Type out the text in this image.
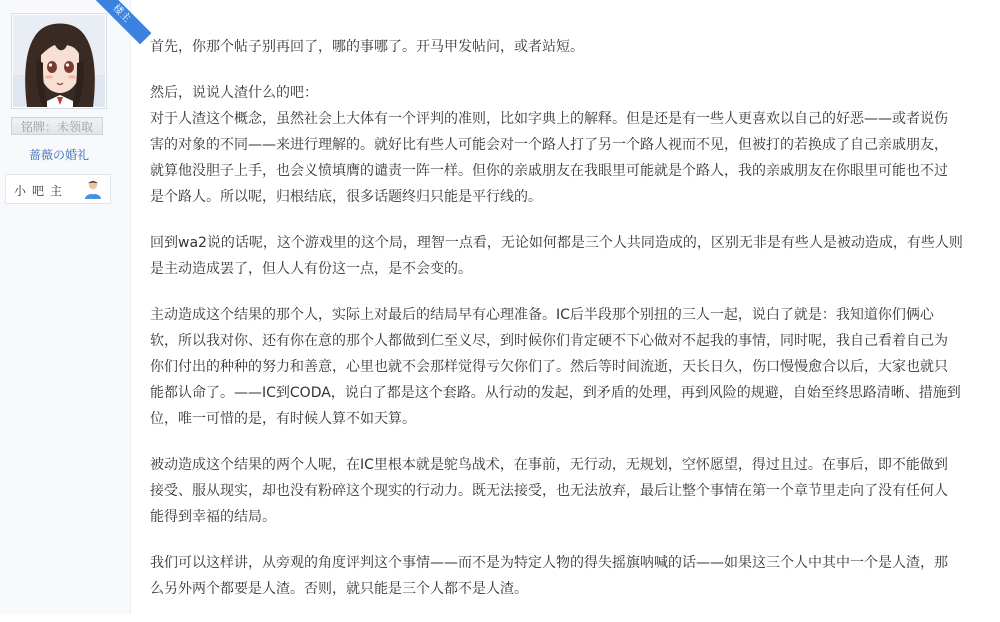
楼主
铭牌：未领取
蔷薇の婚礼
小吧主

首先，你那个帖子别再回了，哪的事哪了。开马甲发帖问，或者站短。

然后，说说人渣什么的吧：
对于人渣这个概念，虽然社会上大体有一个评判的准则，比如字典上的解释。但是还是有一些人更喜欢以自己的好恶——或者说伤
害的对象的不同——来进行理解的。就好比有些人可能会对一个路人打了另一个路人视而不见，但被打的若换成了自己亲戚朋友，
就算他没胆子上手，也会义愤填膺的谴责一阵一样。但你的亲戚朋友在我眼里可能就是个路人，我的亲戚朋友在你眼里可能也不过
是个路人。所以呢，归根结底，很多话题终归只能是平行线的。

回到wa2说的话呢，这个游戏里的这个局，理智一点看，无论如何都是三个人共同造成的，区别无非是有些人是被动造成，有些人则
是主动造成罢了，但人人有份这一点，是不会变的。

主动造成这个结果的那个人，实际上对最后的结局早有心理准备。IC后半段那个别扭的三人一起，说白了就是：我知道你们俩心
软，所以我对你、还有你在意的那个人都做到仁至义尽，到时候你们肯定硬不下心做对不起我的事情，同时呢，我自己看着自己为
你们付出的种种的努力和善意，心里也就不会那样觉得亏欠你们了。然后等时间流逝，天长日久，伤口慢慢愈合以后，大家也就只
能都认命了。——IC到CODA，说白了都是这个套路。从行动的发起，到矛盾的处理，再到风险的规避，自始至终思路清晰、措施到
位，唯一可惜的是，有时候人算不如天算。

被动造成这个结果的两个人呢，在IC里根本就是鸵鸟战术，在事前，无行动，无规划，空怀愿望，得过且过。在事后，即不能做到
接受、服从现实，却也没有粉碎这个现实的行动力。既无法接受，也无法放弃，最后让整个事情在第一个章节里走向了没有任何人
能得到幸福的结局。

我们可以这样讲，从旁观的角度评判这个事情——而不是为特定人物的得失摇旗呐喊的话——如果这三个人中其中一个是人渣，那
么另外两个都要是人渣。否则，就只能是三个人都不是人渣。
